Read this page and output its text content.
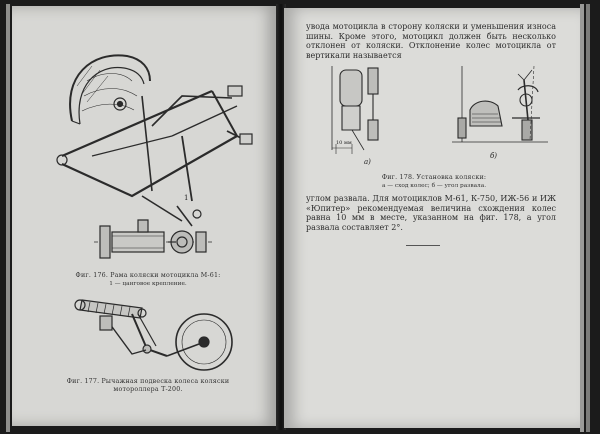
1
Фиг. 176. Рама коляски мотоцикла М-61:
1 — цанговое крепление.
Фиг. 177. Рычажная подвеска колеса коляски
мотороллера Т-200.

увода мотоцикла в сторону коляски и уменьшения износа шины. Кроме этого, мотоцикл должен быть несколько отклонен от коляски. Отклонение колес мотоцикла от вертикали называется

10 мм
а)
б)
Фиг. 178. Установка коляски:
а — сход колес; б — угол развала.

углом развала. Для мотоциклов М-61, К-750, ИЖ-56 и ИЖ «Юпитер» рекомендуемая величина схождения колес равна 10 мм в месте, указанном на фиг. 178, а угол развала составляет 2°.
